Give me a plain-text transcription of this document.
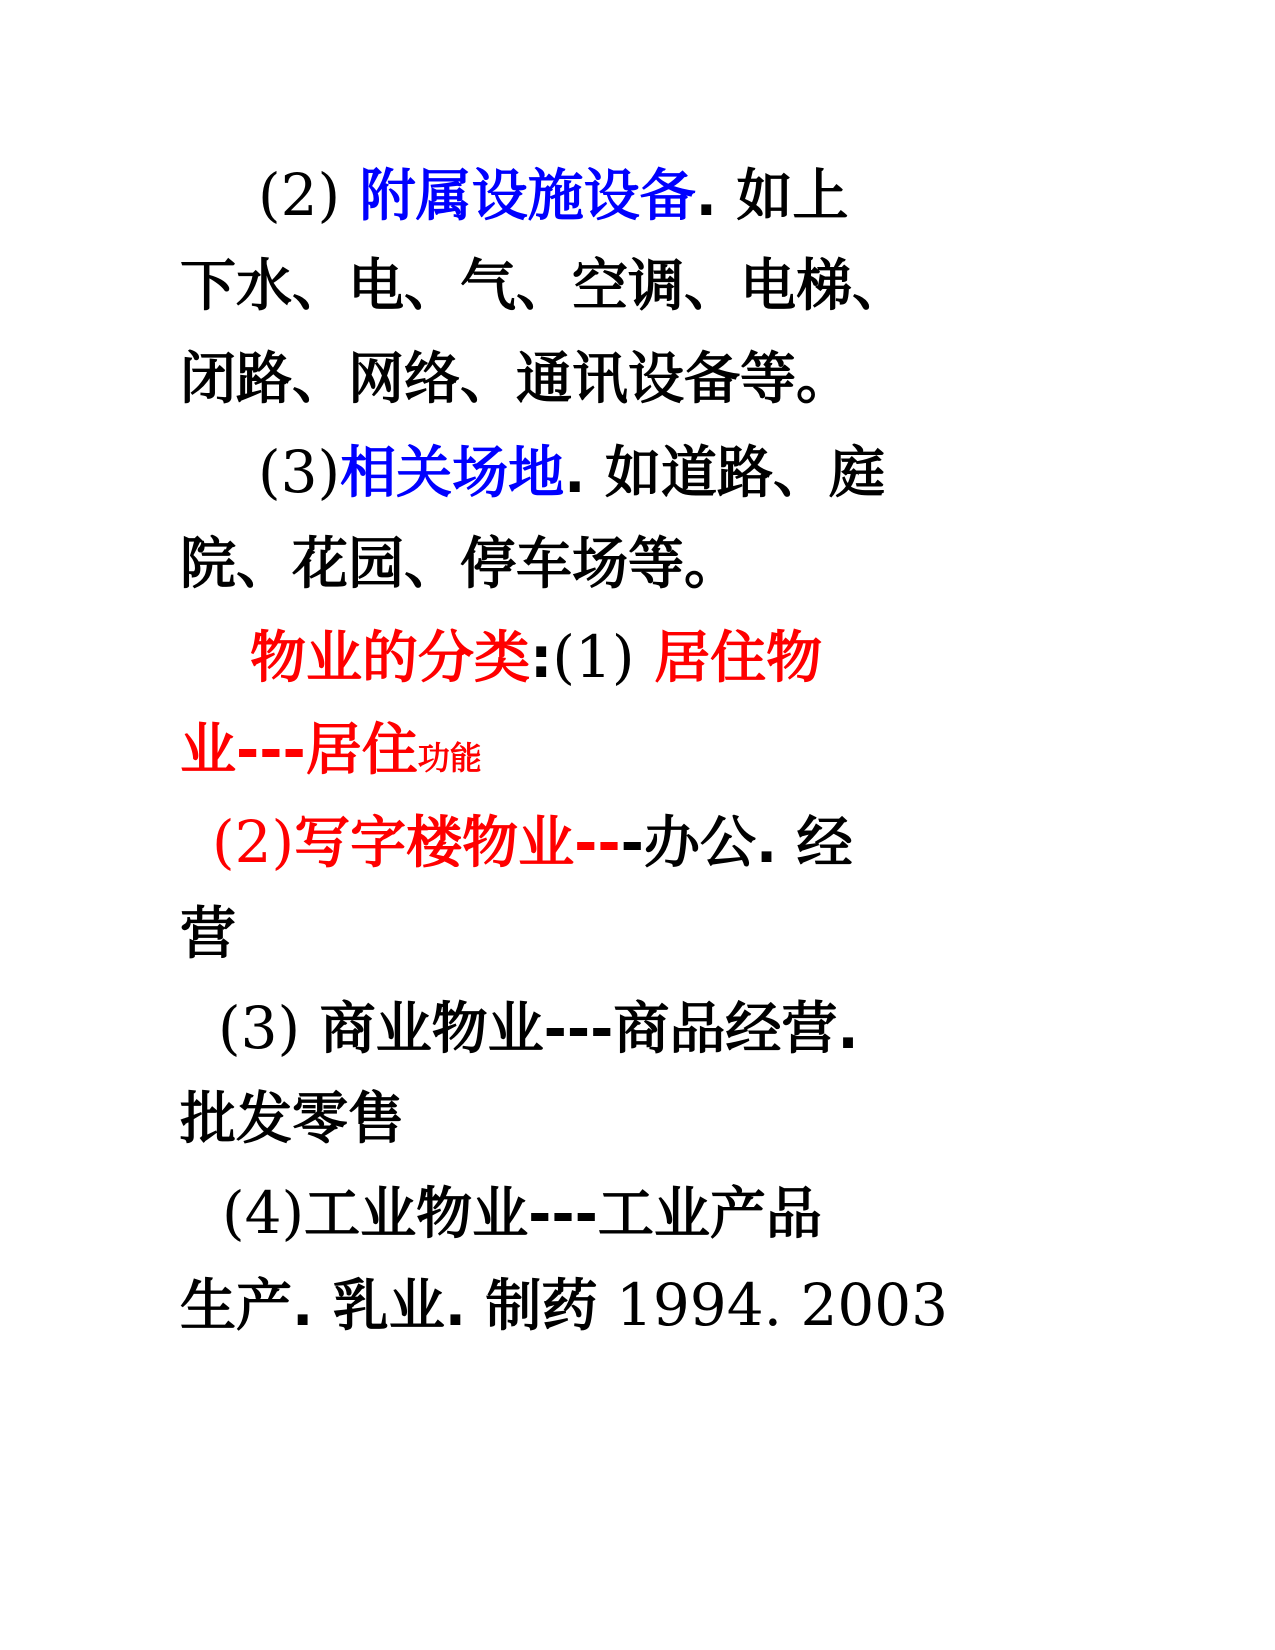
(2) 附属设施设备. 如上
下水、电、气、空调、电梯、
闭路、网络、通讯设备等。
(3)相关场地. 如道路、庭
院、花园、停车场等。
物业的分类:(1) 居住物
业---居住功能
(2)写字楼物业---办公. 经
营
(3) 商业物业---商品经营.
批发零售
(4)工业物业---工业产品
生产. 乳业. 制药 1994. 2003
